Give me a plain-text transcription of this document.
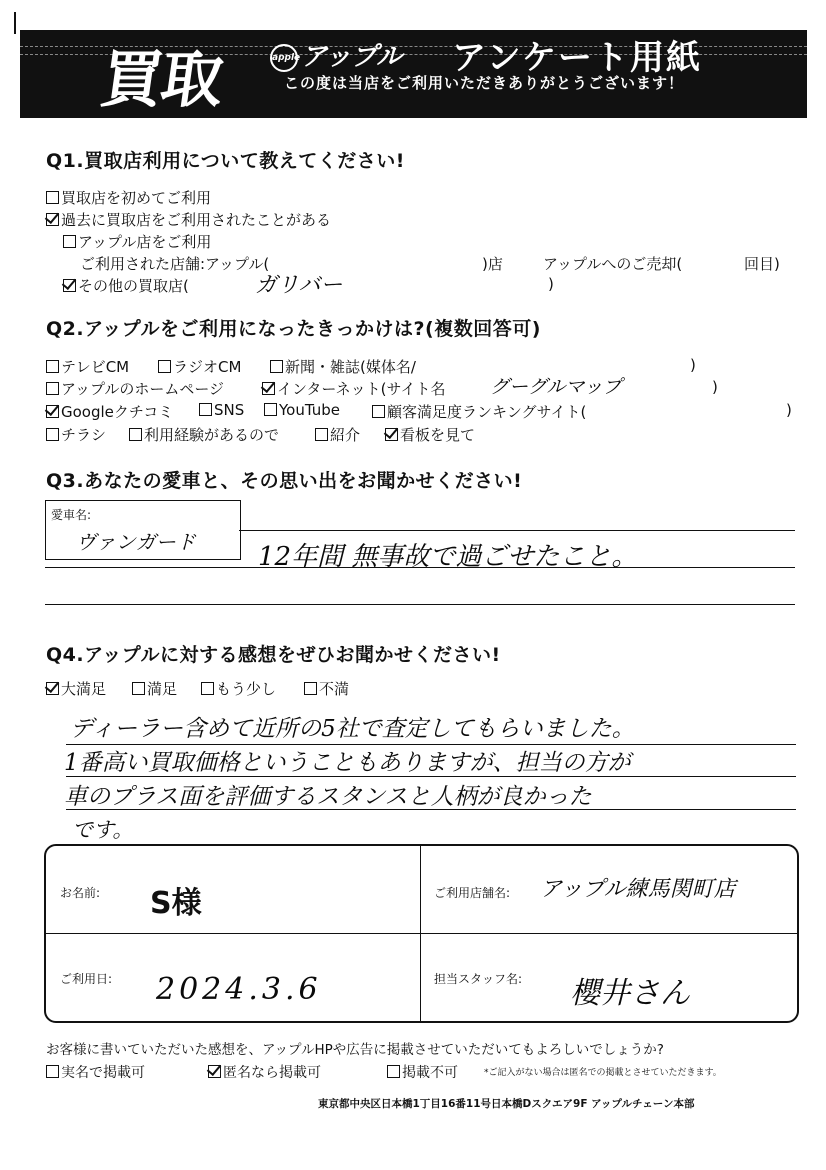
買取	appleアップル アンケート用紙
この度は当店をご利用いただきありがとうございます！
Q1.買取店利用について教えてください!
買取店を初めてご利用
過去に買取店をご利用されたことがある
アップル店をご利用
ご利用された店舗:アップル(	)店	アップルへのご売却(	回目)
その他の買取店(	ガリバー	)
Q2.アップルをご利用になったきっかけは?(複数回答可)
テレビCM	ラジオCM	新聞・雑誌(媒体名/	)
アップルのホームページ	インターネット(サイト名 グーグルマップ	)
Googleクチコミ	SNS	YouTube	顧客満足度ランキングサイト(	)
チラシ	利用経験があるので	紹介	看板を見て
Q3.あなたの愛車と、その思い出をお聞かせください!
愛車名:
ヴァンガード 12年間 無事故で過ごせたこと。
Q4.アップルに対する感想をぜひお聞かせください!
大満足	満足	もう少し	不満
ディーラー含めて近所の5社で査定してもらいました。
1番高い買取価格ということもありますが、担当の方が
車のプラス面を評価するスタンスと人柄が良かった
です。
お名前: S様	ご利用店舗名: アップル練馬関町店
ご利用日: 2024.3.6	担当スタッフ名: 櫻井さん
お客様に書いていただいた感想を、アップルHPや広告に掲載させていただいてもよろしいでしょうか?
実名で掲載可	匿名なら掲載可	掲載不可	*ご記入がない場合は匿名での掲載とさせていただきます。
東京都中央区日本橋1丁目16番11号日本橋Dスクエア9F アップルチェーン本部
